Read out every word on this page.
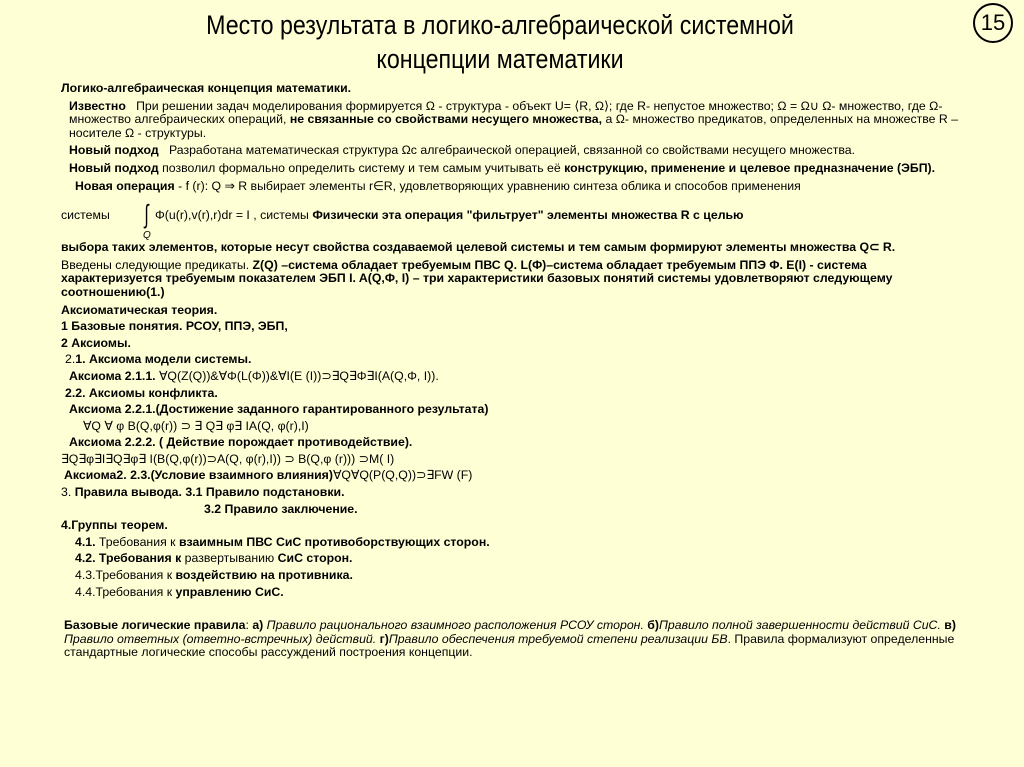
Место результата в логико-алгебраической системной концепции математики
15

Логико-алгебраическая концепция математики.

Известно При решении задач моделирования формируется Ω - структура - объект U= ⟨R, Ω⟩; где R- непустое множество; Ω = Ω∪ Ω- множество, где Ω-множество алгебраических операций, не связанные со свойствами несущего множества, а Ω- множество предикатов, определенных на множестве R – носителе Ω - структуры.

Новый подход Разработана математическая структура Ωс алгебраической операцией, связанной со свойствами несущего множества.

Новый подход позволил формально определить систему и тем самым учитывать её конструкцию, применение и целевое предназначение (ЭБП).

Новая операция - f (r): Q ⇒ R выбирает элементы r∈R, удовлетворяющих уравнению синтеза облика и способов применения

системы ∫
Q
Φ(u(r),v(r),r)dr = I , системы Физически эта операция "фильтрует" элементы множества R с целью

выбора таких элементов, которые несут свойства создаваемой целевой системы и тем самым формируют элементы множества Q⊂ R.

Введены следующие предикаты. Z(Q) –система обладает требуемым ПВС Q. L(Φ)–система обладает требуемым ППЭ Φ. E(I) - система характеризуется требуемым показателем ЭБП I. A(Q,Φ, I) – три характеристики базовых понятий системы удовлетворяют следующему соотношению(1.)

Аксиоматическая теория.

1 Базовые понятия. РСОУ, ППЭ, ЭБП,

2 Аксиомы.

2.1. Аксиома модели системы.

Аксиома 2.1.1. ∀Q(Z(Q))&∀Φ(L(Φ))&∀I(E (I))⊃∃Q∃Φ∃I(A(Q,Φ, I)).

2.2. Аксиомы конфликта.

Аксиома 2.2.1.(Достижение заданного гарантированного результата)

∀Q ∀ φ B(Q,φ(r)) ⊃ ∃ Q∃ φ∃ IA(Q, φ(r),I)

Аксиома 2.2.2. ( Действие порождает противодействие).

∃Q∃φ∃I∃Q∃φ∃ I(B(Q,φ(r))⊃A(Q, φ(r),I)) ⊃ B(Q,φ (r))) ⊃M( I)

Аксиома2. 2.3.(Условие взаимного влияния)∀Q∀Q(P(Q,Q))⊃∃FW (F)

3. Правила вывода. 3.1 Правило подстановки.

3.2 Правило заключение.

4.Группы теорем.

4.1. Требования к взаимным ПВС СиС противоборствующих сторон.

4.2. Требования к развертыванию СиС сторон.

4.3.Требования к воздействию на противника.

4.4.Требования к управлению СиС.

Базовые логические правила: а) Правило рационального взаимного расположения РСОУ сторон. б)Правило полной завершенности действий СиС. в) Правило ответных (ответно-встречных) действий. г)Правило обеспечения требуемой степени реализации БВ. Правила формализуют определенные стандартные логические способы рассуждений построения концепции.
